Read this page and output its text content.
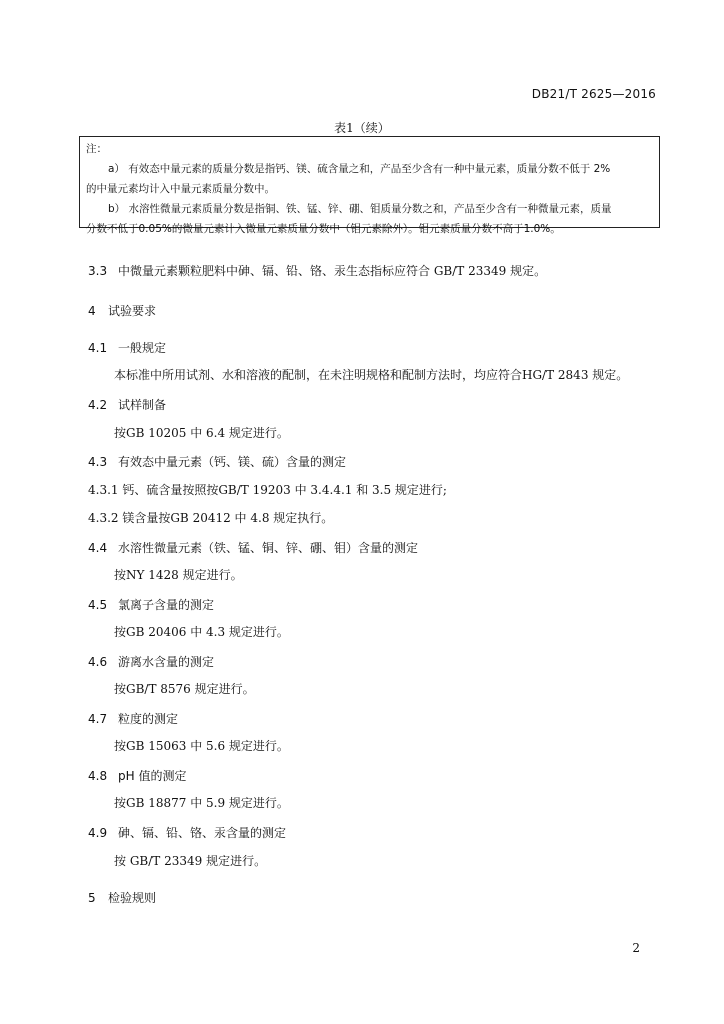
DB21/T 2625—2016
表1（续）
注：
a） 有效态中量元素的质量分数是指钙、镁、硫含量之和，产品至少含有一种中量元素，质量分数不低于 2%
的中量元素均计入中量元素质量分数中。
b） 水溶性微量元素质量分数是指铜、铁、锰、锌、硼、钼质量分数之和，产品至少含有一种微量元素，质量
分数不低于0.05%的微量元素计入微量元素质量分数中（钼元素除外）。钼元素质量分数不高于1.0%。
3.3 中微量元素颗粒肥料中砷、镉、铅、铬、汞生态指标应符合 GB/T 23349 规定。
4 试验要求
4.1 一般规定
本标准中所用试剂、水和溶液的配制，在未注明规格和配制方法时，均应符合HG/T 2843 规定。
4.2 试样制备
按GB 10205 中 6.4 规定进行。
4.3 有效态中量元素（钙、镁、硫）含量的测定
4.3.1 钙、硫含量按照按GB/T 19203 中 3.4.4.1 和 3.5 规定进行;
4.3.2 镁含量按GB 20412 中 4.8 规定执行。
4.4 水溶性微量元素（铁、锰、铜、锌、硼、钼）含量的测定
按NY 1428 规定进行。
4.5 氯离子含量的测定
按GB 20406 中 4.3 规定进行。
4.6 游离水含量的测定
按GB/T 8576 规定进行。
4.7 粒度的测定
按GB 15063 中 5.6 规定进行。
4.8 pH 值的测定
按GB 18877 中 5.9 规定进行。
4.9 砷、镉、铅、铬、汞含量的测定
按 GB/T 23349 规定进行。
5 检验规则
2
